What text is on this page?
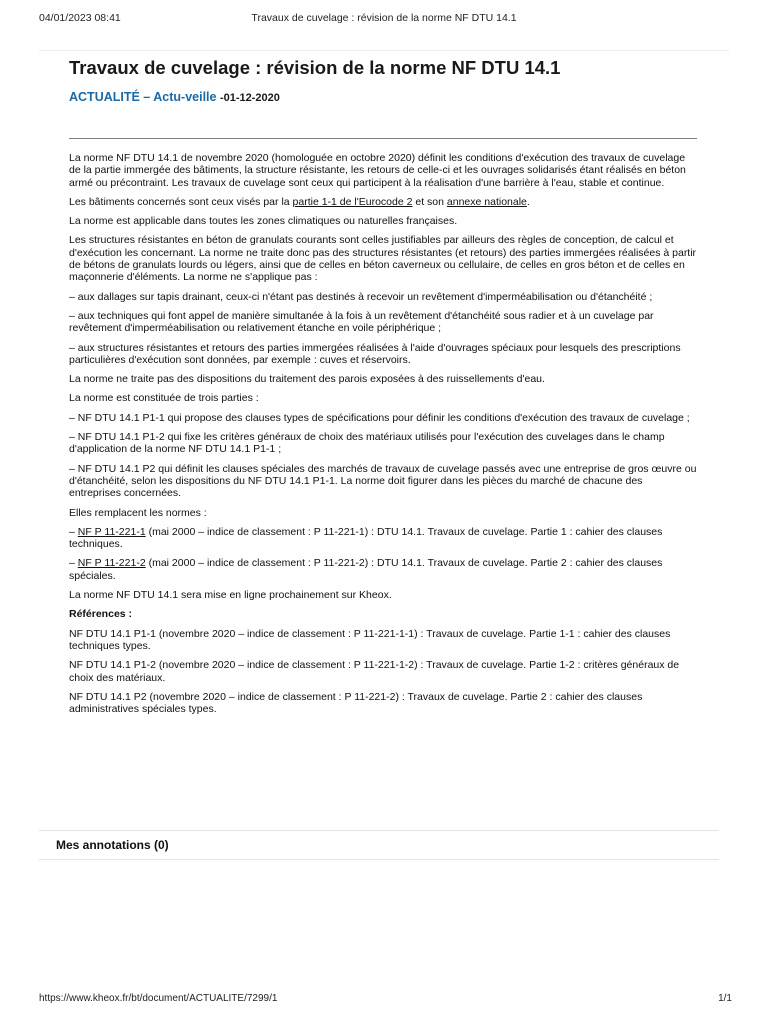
04/01/2023 08:41	Travaux de cuvelage : révision de la norme NF DTU 14.1
Travaux de cuvelage : révision de la norme NF DTU 14.1
ACTUALITÉ – Actu-veille -01-12-2020

La norme NF DTU 14.1 de novembre 2020 (homologuée en octobre 2020) définit les conditions d'exécution des travaux de cuvelage de la partie immergée des bâtiments, la structure résistante, les retours de celle-ci et les ouvrages solidarisés étant réalisés en béton armé ou précontraint. Les travaux de cuvelage sont ceux qui participent à la réalisation d'une barrière à l'eau, stable et continue.

Les bâtiments concernés sont ceux visés par la partie 1-1 de l'Eurocode 2 et son annexe nationale.

La norme est applicable dans toutes les zones climatiques ou naturelles françaises.

Les structures résistantes en béton de granulats courants sont celles justifiables par ailleurs des règles de conception, de calcul et d'exécution les concernant. La norme ne traite donc pas des structures résistantes (et retours) des parties immergées réalisées à partir de bétons de granulats lourds ou légers, ainsi que de celles en béton caverneux ou cellulaire, de celles en gros béton et de celles en maçonnerie d'éléments. La norme ne s'applique pas :

– aux dallages sur tapis drainant, ceux-ci n'étant pas destinés à recevoir un revêtement d'imperméabilisation ou d'étanchéité ;

– aux techniques qui font appel de manière simultanée à la fois à un revêtement d'étanchéité sous radier et à un cuvelage par revêtement d'imperméabilisation ou relativement étanche en voile périphérique ;

– aux structures résistantes et retours des parties immergées réalisées à l'aide d'ouvrages spéciaux pour lesquels des prescriptions particulières d'exécution sont données, par exemple : cuves et réservoirs.

La norme ne traite pas des dispositions du traitement des parois exposées à des ruissellements d'eau.

La norme est constituée de trois parties :

– NF DTU 14.1 P1-1 qui propose des clauses types de spécifications pour définir les conditions d'exécution des travaux de cuvelage ;

– NF DTU 14.1 P1-2 qui fixe les critères généraux de choix des matériaux utilisés pour l'exécution des cuvelages dans le champ d'application de la norme NF DTU 14.1 P1-1 ;

– NF DTU 14.1 P2 qui définit les clauses spéciales des marchés de travaux de cuvelage passés avec une entreprise de gros œuvre ou d'étanchéité, selon les dispositions du NF DTU 14.1 P1-1. La norme doit figurer dans les pièces du marché de chacune des entreprises concernées.

Elles remplacent les normes :

– NF P 11-221-1 (mai 2000 – indice de classement : P 11-221-1) : DTU 14.1. Travaux de cuvelage. Partie 1 : cahier des clauses techniques.

– NF P 11-221-2 (mai 2000 – indice de classement : P 11-221-2) : DTU 14.1. Travaux de cuvelage. Partie 2 : cahier des clauses spéciales.

La norme NF DTU 14.1 sera mise en ligne prochainement sur Kheox.

Références :

NF DTU 14.1 P1-1 (novembre 2020 – indice de classement : P 11-221-1-1) : Travaux de cuvelage. Partie 1-1 : cahier des clauses techniques types.

NF DTU 14.1 P1-2 (novembre 2020 – indice de classement : P 11-221-1-2) : Travaux de cuvelage. Partie 1-2 : critères généraux de choix des matériaux.

NF DTU 14.1 P2 (novembre 2020 – indice de classement : P 11-221-2) : Travaux de cuvelage. Partie 2 : cahier des clauses administratives spéciales types.

Mes annotations (0)
https://www.kheox.fr/bt/document/ACTUALITE/7299/1	1/1
